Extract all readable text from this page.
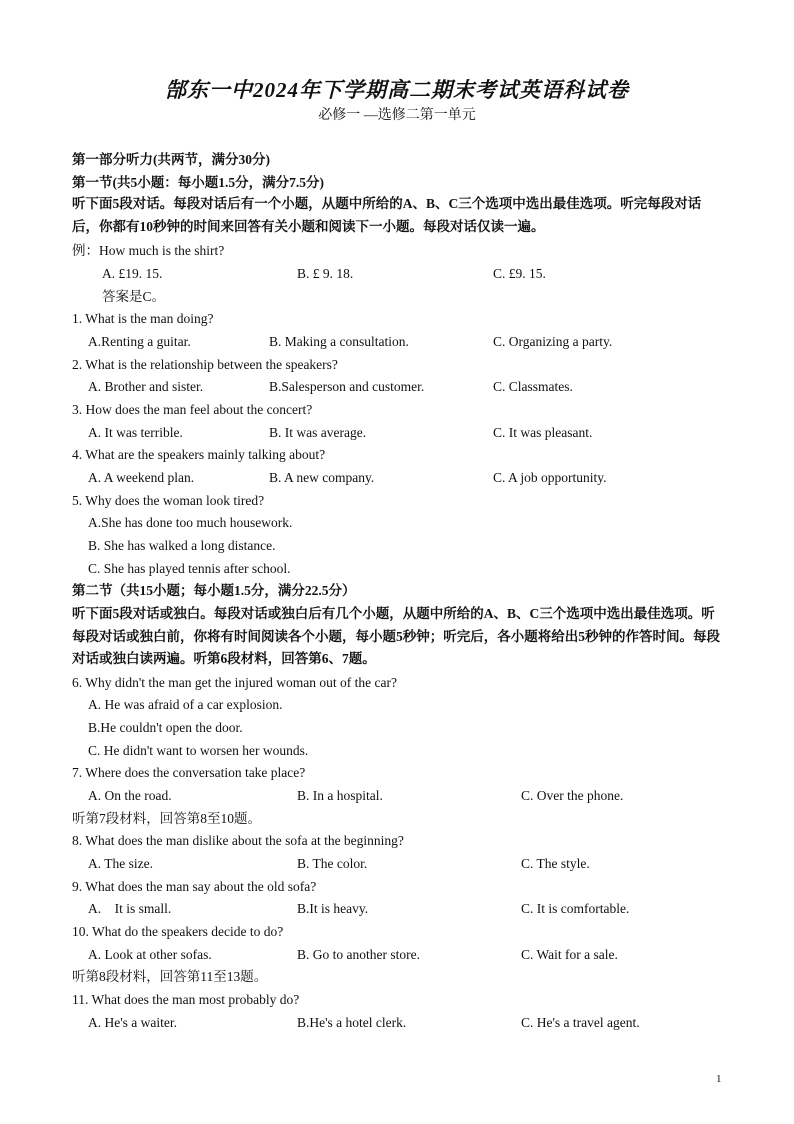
郜东一中2024年下学期高二期末考试英语科试卷
必修一 —选修二第一单元
第一部分听力(共两节，满分30分)
第一节(共5小题：每小题1.5分，满分7.5分)
听下面5段对话。每段对话后有一个小题，从题中所给的A、B、C三个选项中选出最佳选项。听完每段对话后，你都有10秒钟的时间来回答有关小题和阅读下一小题。每段对话仅读一遍。
例：How much is the shirt?
A. £19. 15.	B. £ 9. 18.	C. £9. 15.
答案是C。
1. What is the man doing?
A.Renting a guitar.	B. Making a consultation.	C. Organizing a party.
2. What is the relationship between the speakers?
A. Brother and sister.	B.Salesperson and customer.	C. Classmates.
3. How does the man feel about the concert?
A. It was terrible.	B. It was average.	C. It was pleasant.
4. What are the speakers mainly talking about?
A. A weekend plan.	B. A new company.	C. A job opportunity.
5. Why does the woman look tired?
A.She has done too much housework.
B. She has walked a long distance.
C. She has played tennis after school.
第二节（共15小题；每小题1.5分，满分22.5分）
听下面5段对话或独白。每段对话或独白后有几个小题，从题中所给的A、B、C三个选项中选出最佳选项。听每段对话或独白前，你将有时间阅读各个小题，每小题5秒钟；听完后，各小题将给出5秒钟的作答时间。每段对话或独白读两遍。听第6段材料，回答第6、7题。
6. Why didn't the man get the injured woman out of the car?
A. He was afraid of a car explosion.
B.He couldn't open the door.
C. He didn't want to worsen her wounds.
7. Where does the conversation take place?
A. On the road.	B. In a hospital.	C. Over the phone.
听第7段材料，回答第8至10题。
8. What does the man dislike about the sofa at the beginning?
A. The size.	B. The color.	C. The style.
9. What does the man say about the old sofa?
A.    It is small.	B.It is heavy.	C. It is comfortable.
10. What do the speakers decide to do?
A. Look at other sofas.	B. Go to another store.	C. Wait for a sale.
听第8段材料，回答第11至13题。
11. What does the man most probably do?
A. He's a waiter.	B.He's a hotel clerk.	C. He's a travel agent.
1
